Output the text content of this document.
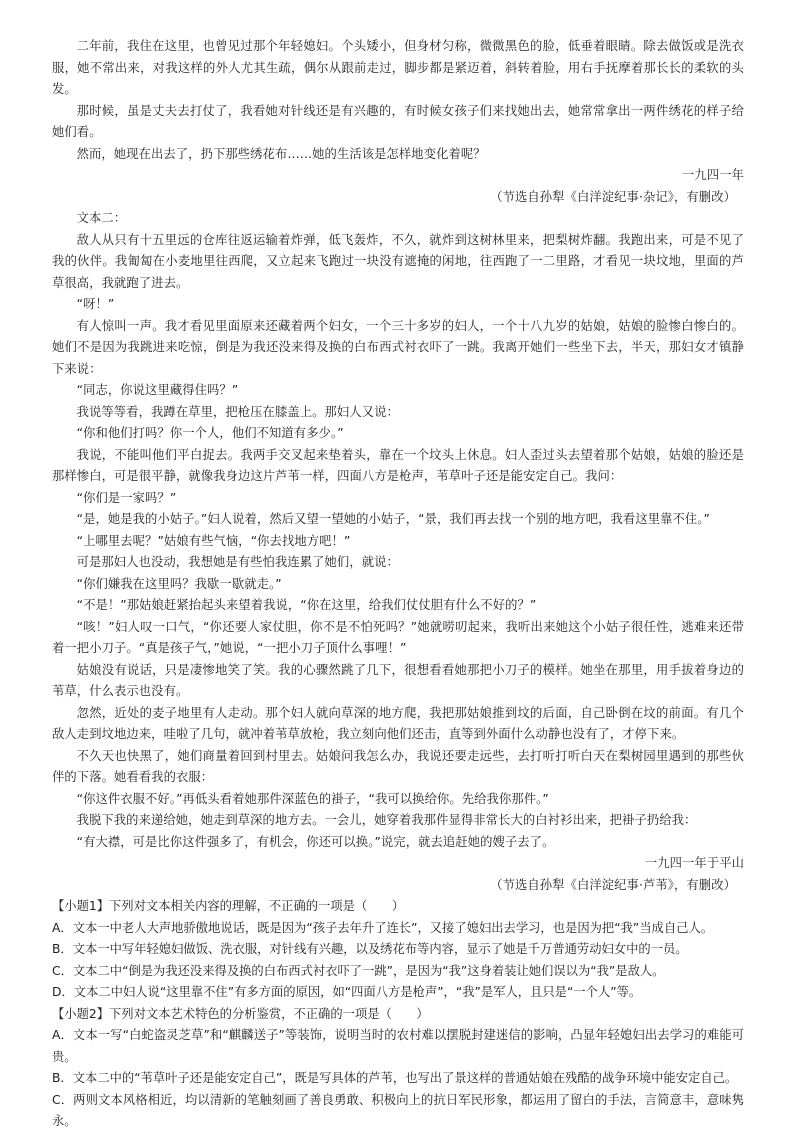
二年前，我住在这里，也曾见过那个年轻媳妇。个头矮小，但身材匀称，微微黑色的脸，低垂着眼睛。除去做饭或是洗衣服，她不常出来，对我这样的外人尤其生疏，偶尔从跟前走过，脚步都是紧迈着，斜转着脸，用右手抚摩着那长长的柔软的头发。

那时候，虽是丈夫去打仗了，我看她对针线还是有兴趣的，有时候女孩子们来找她出去，她常常拿出一两件绣花的样子给她们看。

然而，她现在出去了，扔下那些绣花布……她的生活该是怎样地变化着呢？

一九四一年

（节选自孙犁《白洋淀纪事·杂记》，有删改）

文本二：

敌人从只有十五里远的仓库往返运输着炸弹，低飞轰炸，不久，就炸到这树林里来，把梨树炸翻。我跑出来，可是不见了我的伙伴。我匍匐在小麦地里往西爬，又立起来飞跑过一块没有遮掩的闲地，往西跑了一二里路，才看见一块坟地，里面的芦草很高，我就跑了进去。

“呀！”

有人惊叫一声。我才看见里面原来还藏着两个妇女，一个三十多岁的妇人，一个十八九岁的姑娘，姑娘的脸惨白惨白的。她们不是因为我跳进来吃惊，倒是为我还没来得及换的白布西式衬衣吓了一跳。我离开她们一些坐下去，半天，那妇女才镇静下来说：

“同志，你说这里藏得住吗？”

我说等等看，我蹲在草里，把枪压在膝盖上。那妇人又说：

“你和他们打吗？你一个人，他们不知道有多少。”

我说，不能叫他们平白捉去。我两手交叉起来垫着头，靠在一个坟头上休息。妇人歪过头去望着那个姑娘，姑娘的脸还是那样惨白，可是很平静，就像我身边这片芦苇一样，四面八方是枪声，苇草叶子还是能安定自己。我问：

“你们是一家吗？”

“是，她是我的小姑子。”妇人说着，然后又望一望她的小姑子，“景，我们再去找一个别的地方吧，我看这里靠不住。”

“上哪里去呢？”姑娘有些气恼，“你去找地方吧！”

可是那妇人也没动，我想她是有些怕我连累了她们，就说：

“你们嫌我在这里吗？我歇一歇就走。”

“不是！”那姑娘赶紧抬起头来望着我说，“你在这里，给我们仗仗胆有什么不好的？”

“咳！”妇人叹一口气，“你还要人家仗胆，你不是不怕死吗？”她就唠叨起来，我听出来她这个小姑子很任性，逃难来还带着一把小刀子。“真是孩子气，”她说，“一把小刀子顶什么事哩！”

姑娘没有说话，只是凄惨地笑了笑。我的心骤然跳了几下，很想看看她那把小刀子的模样。她坐在那里，用手拔着身边的苇草，什么表示也没有。

忽然，近处的麦子地里有人走动。那个妇人就向草深的地方爬，我把那姑娘推到坟的后面，自己卧倒在坟的前面。有几个敌人走到坟地边来，哇啦了几句，就冲着苇草放枪，我立刻向他们还击，直等到外面什么动静也没有了，才停下来。

不久天也快黑了，她们商量着回到村里去。姑娘问我怎么办，我说还要走远些，去打听打听白天在梨树园里遇到的那些伙伴的下落。她看看我的衣服：

“你这件衣服不好。”再低头看着她那件深蓝色的褂子，“我可以换给你。先给我你那件。”

我脱下我的来递给她，她走到草深的地方去。一会儿，她穿着我那件显得非常长大的白衬衫出来，把褂子扔给我：

“有大襟，可是比你这件强多了，有机会，你还可以换。”说完，就去追赶她的嫂子去了。

一九四一年于平山

（节选自孙犁《白洋淀纪事·芦苇》，有删改）

【小题1】下列对文本相关内容的理解，不正确的一项是（　　）

A．文本一中老人大声地骄傲地说话，既是因为“孩子去年升了连长”，又接了媳妇出去学习，也是因为把“我”当成自己人。

B．文本一中写年轻媳妇做饭、洗衣服，对针线有兴趣，以及绣花布等内容，显示了她是千万普通劳动妇女中的一员。

C．文本二中“倒是为我还没来得及换的白布西式衬衣吓了一跳”，是因为“我”这身着装让她们误以为“我”是敌人。

D．文本二中妇人说“这里靠不住”有多方面的原因，如“四面八方是枪声”，“我”是军人，且只是“一个人”等。

【小题2】下列对文本艺术特色的分析鉴赏，不正确的一项是（　　）

A．文本一写“白蛇盗灵芝草”和“麒麟送子”等装饰，说明当时的农村难以摆脱封建迷信的影响，凸显年轻媳妇出去学习的难能可贵。

B．文本二中的“苇草叶子还是能安定自己”，既是写具体的芦苇，也写出了景这样的普通姑娘在残酷的战争环境中能安定自己。

C．两则文本风格相近，均以清新的笔触刻画了善良勇敢、积极向上的抗日军民形象，都运用了留白的手法，言简意丰，意味隽永。
